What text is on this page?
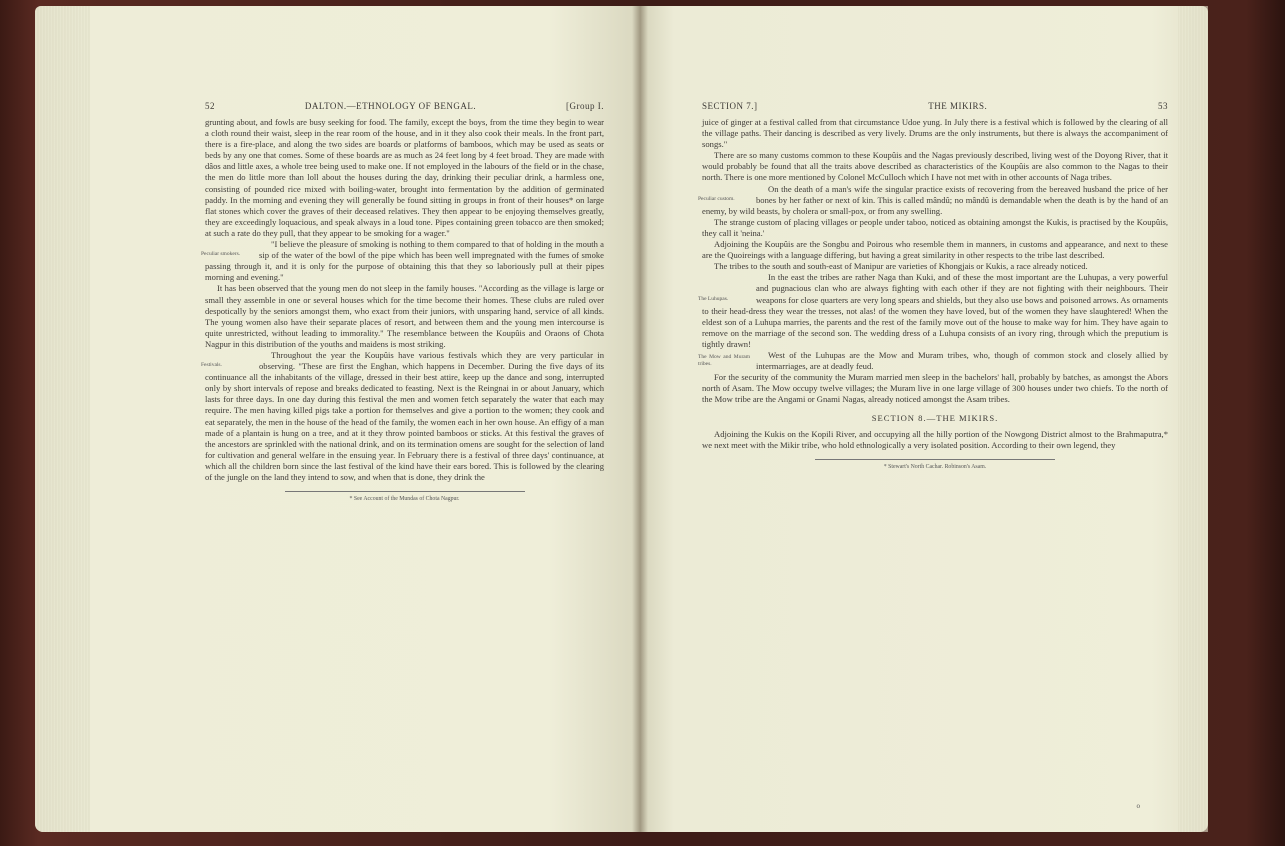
52	DALTON.—ETHNOLOGY OF BENGAL.	[Group I.

grunting about, and fowls are busy seeking for food. The family, except the boys, from the time they begin to wear a cloth round their waist, sleep in the rear room of the house, and in it they also cook their meals. In the front part, there is a fire-place, and along the two sides are boards or platforms of bamboos, which may be used as seats or beds by any one that comes. Some of these boards are as much as 24 feet long by 4 feet broad. They are made with dâos and little axes, a whole tree being used to make one. If not employed in the labours of the field or in the chase, the men do little more than loll about the houses during the day, drinking their peculiar drink, a harmless one, consisting of pounded rice mixed with boiling-water, brought into fermentation by the addition of germinated paddy. In the morning and evening they will generally be found sitting in groups in front of their houses* on large flat stones which cover the graves of their deceased relatives. They then appear to be enjoying themselves greatly, they are exceedingly loquacious, and speak always in a loud tone. Pipes containing green tobacco are then smoked; at such a rate do they pull, that they appear to be smoking for a wager."

Peculiar smokers.

"I believe the pleasure of smoking is nothing to them compared to that of holding in the mouth a sip of the water of the bowl of the pipe which has been well impregnated with the fumes of smoke passing through it, and it is only for the purpose of obtaining this that they so laboriously pull at their pipes morning and evening."

It has been observed that the young men do not sleep in the family houses. "According as the village is large or small they assemble in one or several houses which for the time become their homes. These clubs are ruled over despotically by the seniors amongst them, who exact from their juniors, with unsparing hand, service of all kinds. The young women also have their separate places of resort, and between them and the young men intercourse is quite unrestricted, without leading to immorality." The resemblance between the Koupûis and Oraons of Chota Nagpur in this distribution of the youths and maidens is most striking.

Festivals.

Throughout the year the Koupûis have various festivals which they are very particular in observing. "These are first the Enghan, which happens in December. During the five days of its continuance all the inhabitants of the village, dressed in their best attire, keep up the dance and song, interrupted only by short intervals of repose and breaks dedicated to feasting. Next is the Reingnai in or about January, which lasts for three days. In one day during this festival the men and women fetch separately the water that each may require. The men having killed pigs take a portion for themselves and give a portion to the women; they cook and eat separately, the men in the house of the head of the family, the women each in her own house. An effigy of a man made of a plantain is hung on a tree, and at it they throw pointed bamboos or sticks. At this festival the graves of the ancestors are sprinkled with the national drink, and on its termination omens are sought for the selection of land for cultivation and general welfare in the ensuing year. In February there is a festival of three days' continuance, at which all the children born since the last festival of the kind have their ears bored. This is followed by the clearing of the jungle on the land they intend to sow, and when that is done, they drink the

* See Account of the Mundas of Chota Nagpur.
SECTION 7.]	THE MIKIRS.	53

juice of ginger at a festival called from that circumstance Udoe yung. In July there is a festival which is followed by the clearing of all the village paths. Their dancing is described as very lively. Drums are the only instruments, but there is always the accompaniment of songs."

There are so many customs common to these Koupûis and the Nagas previously described, living west of the Doyong River, that it would probably be found that all the traits above described as characteristics of the Koupûis are also common to the Nagas to their north. There is one more mentioned by Colonel McCulloch which I have not met with in other accounts of Naga tribes.

Peculiar custom.

On the death of a man's wife the singular practice exists of recovering from the bereaved husband the price of her bones by her father or next of kin. This is called mândû; no mândû is demandable when the death is by the hand of an enemy, by wild beasts, by cholera or small-pox, or from any swelling.

The strange custom of placing villages or people under tabοo, noticed as obtaining amongst the Kukis, is practised by the Koupûis, they call it 'neina.'

Adjoining the Koupûis are the Songbu and Poirous who resemble them in manners, in customs and appearance, and next to these are the Quoireings with a language differing, but having a great similarity in other respects to the tribe last described.

The tribes to the south and south-east of Manipur are varieties of Khongjais or Kukis, a race already noticed.

The Luhupas.

In the east the tribes are rather Naga than Kuki, and of these the most important are the Luhupas, a very powerful and pugnacious clan who are always fighting with each other if they are not fighting with their neighbours. Their weapons for close quarters are very long spears and shields, but they also use bows and poisoned arrows. As ornaments to their head-dress they wear the tresses, not alas! of the women they have loved, but of the women they have slaughtered! When the eldest son of a Luhupa marries, the parents and the rest of the family move out of the house to make way for him. They have again to remove on the marriage of the second son. The wedding dress of a Luhupa consists of an ivory ring, through which the preputium is tightly drawn!

The Mow and Muram tribes.

West of the Luhupas are the Mow and Muram tribes, who, though of common stock and closely allied by intermarriages, are at deadly feud.

For the security of the community the Muram married men sleep in the bachelors' hall, probably by batches, as amongst the Abors north of Asam. The Mow occupy twelve villages; the Muram live in one large village of 300 houses under two chiefs. To the north of the Mow tribe are the Angami or Gnami Nagas, already noticed amongst the Asam tribes.

SECTION 8.—THE MIKIRS.

Adjoining the Kukis on the Kopili River, and occupying all the hilly portion of the Nowgong District almost to the Brahmaputra,* we next meet with the Mikir tribe, who hold ethnologically a very isolated position. According to their own legend, they

* Stewart's North Cachar. Robinson's Asam.
o
